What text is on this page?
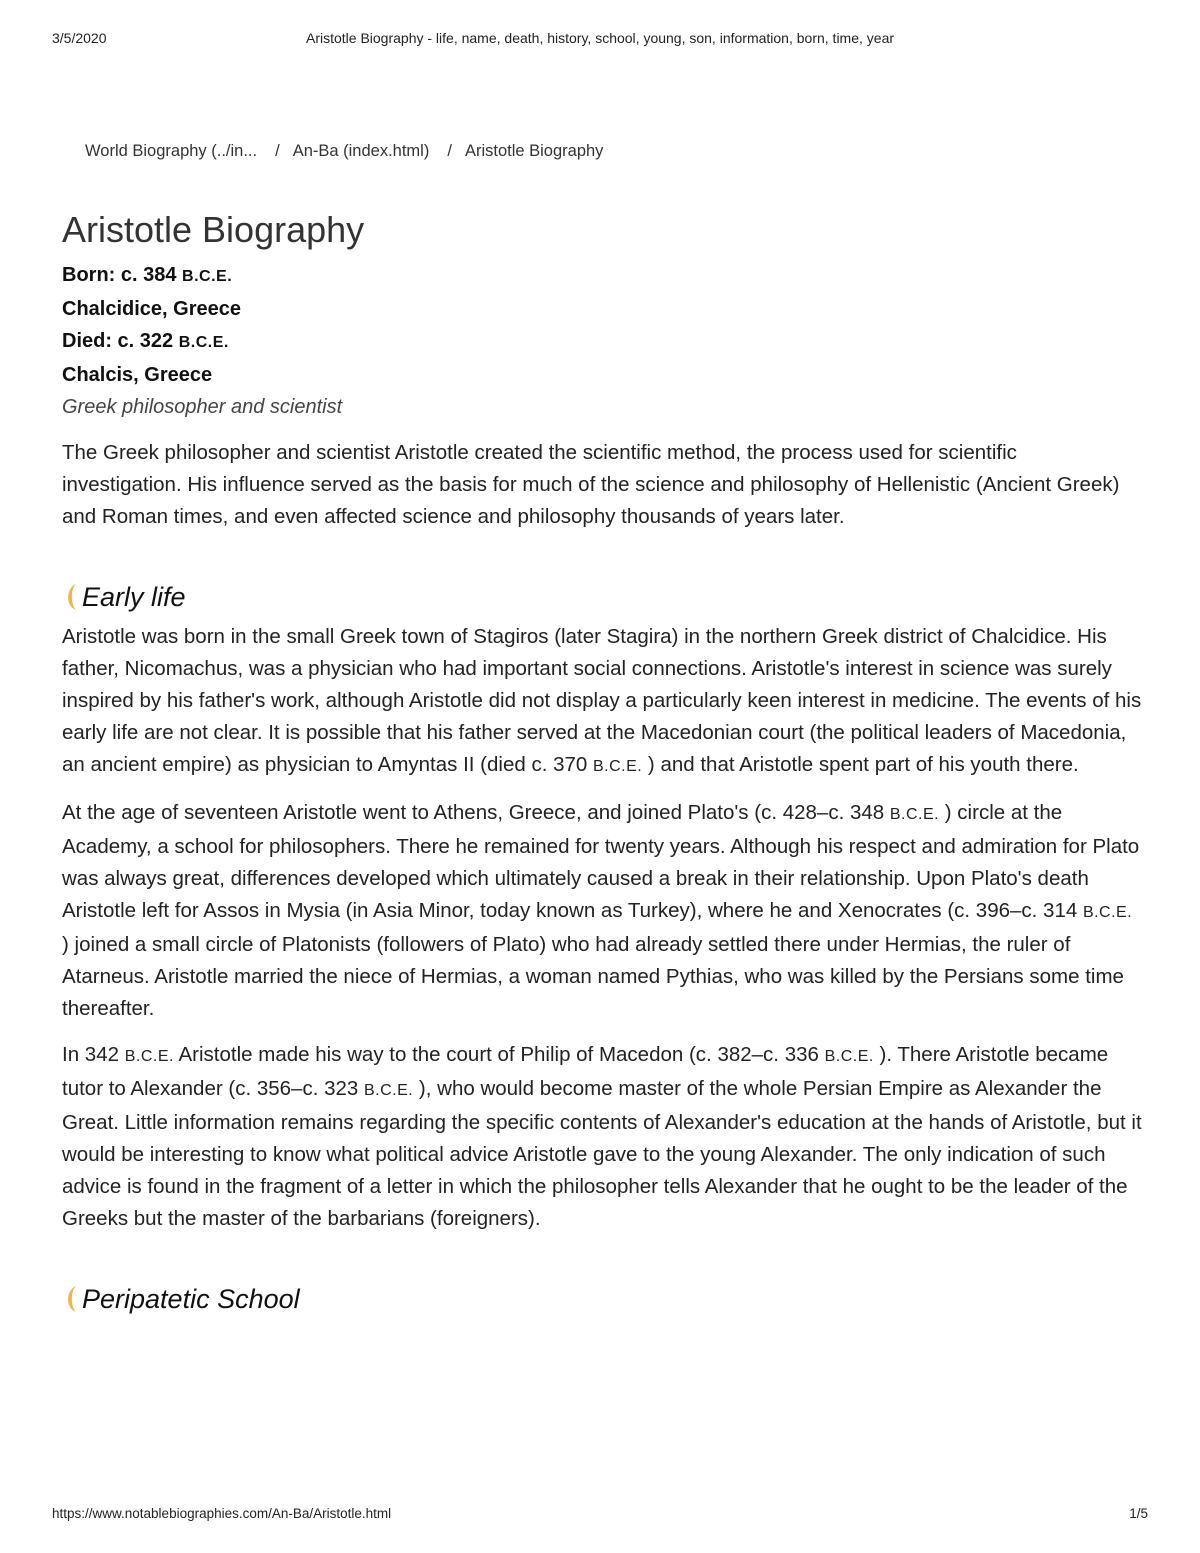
3/5/2020	Aristotle Biography - life, name, death, history, school, young, son, information, born, time, year
World Biography (../in... / An-Ba (index.html) / Aristotle Biography
Aristotle Biography
Born: c. 384 B.C.E.
Chalcidice, Greece
Died: c. 322 B.C.E.
Chalcis, Greece
Greek philosopher and scientist

The Greek philosopher and scientist Aristotle created the scientific method, the process used for scientific investigation. His influence served as the basis for much of the science and philosophy of Hellenistic (Ancient Greek) and Roman times, and even affected science and philosophy thousands of years later.

Early life

Aristotle was born in the small Greek town of Stagiros (later Stagira) in the northern Greek district of Chalcidice. His father, Nicomachus, was a physician who had important social connections. Aristotle's interest in science was surely inspired by his father's work, although Aristotle did not display a particularly keen interest in medicine. The events of his early life are not clear. It is possible that his father served at the Macedonian court (the political leaders of Macedonia, an ancient empire) as physician to Amyntas II (died c. 370 B.C.E. ) and that Aristotle spent part of his youth there.

At the age of seventeen Aristotle went to Athens, Greece, and joined Plato's (c. 428–c. 348 B.C.E. ) circle at the Academy, a school for philosophers. There he remained for twenty years. Although his respect and admiration for Plato was always great, differences developed which ultimately caused a break in their relationship. Upon Plato's death Aristotle left for Assos in Mysia (in Asia Minor, today known as Turkey), where he and Xenocrates (c. 396–c. 314 B.C.E. ) joined a small circle of Platonists (followers of Plato) who had already settled there under Hermias, the ruler of Atarneus. Aristotle married the niece of Hermias, a woman named Pythias, who was killed by the Persians some time thereafter.

In 342 B.C.E. Aristotle made his way to the court of Philip of Macedon (c. 382–c. 336 B.C.E. ). There Aristotle became tutor to Alexander (c. 356–c. 323 B.C.E. ), who would become master of the whole Persian Empire as Alexander the Great. Little information remains regarding the specific contents of Alexander's education at the hands of Aristotle, but it would be interesting to know what political advice Aristotle gave to the young Alexander. The only indication of such advice is found in the fragment of a letter in which the philosopher tells Alexander that he ought to be the leader of the Greeks but the master of the barbarians (foreigners).

Peripatetic School
https://www.notablebiographies.com/An-Ba/Aristotle.html	1/5
